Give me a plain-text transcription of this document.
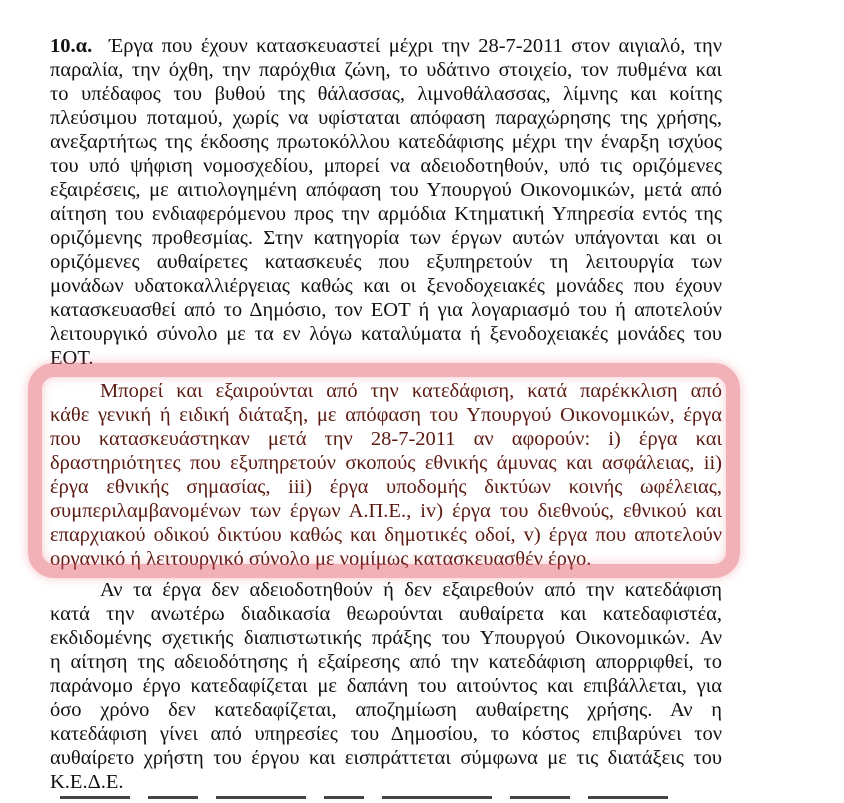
10.α. Έργα που έχουν κατασκευαστεί μέχρι την 28-7-2011 στον αιγιαλό, την
παραλία, την όχθη, την παρόχθια ζώνη, το υδάτινο στοιχείο, τον πυθμένα και
το υπέδαφος του βυθού της θάλασσας, λιμνοθάλασσας, λίμνης και κοίτης
πλεύσιμου ποταμού, χωρίς να υφίσταται απόφαση παραχώρησης της χρήσης,
ανεξαρτήτως της έκδοσης πρωτοκόλλου κατεδάφισης μέχρι την έναρξη ισχύος
του υπό ψήφιση νομοσχεδίου, μπορεί να αδειοδοτηθούν, υπό τις οριζόμενες
εξαιρέσεις, με αιτιολογημένη απόφαση του Υπουργού Οικονομικών, μετά από
αίτηση του ενδιαφερόμενου προς την αρμόδια Κτηματική Υπηρεσία εντός της
οριζόμενης προθεσμίας. Στην κατηγορία των έργων αυτών υπάγονται και οι
οριζόμενες αυθαίρετες κατασκευές που εξυπηρετούν τη λειτουργία των
μονάδων υδατοκαλλιέργειας καθώς και οι ξενοδοχειακές μονάδες που έχουν
κατασκευασθεί από το Δημόσιο, τον ΕΟΤ ή για λογαριασμό του ή αποτελούν
λειτουργικό σύνολο με τα εν λόγω καταλύματα ή ξενοδοχειακές μονάδες του
ΕΟΤ.
Μπορεί και εξαιρούνται από την κατεδάφιση, κατά παρέκκλιση από
κάθε γενική ή ειδική διάταξη, με απόφαση του Υπουργού Οικονομικών, έργα
που κατασκευάστηκαν μετά την 28-7-2011 αν αφορούν: i) έργα και
δραστηριότητες που εξυπηρετούν σκοπούς εθνικής άμυνας και ασφάλειας, ii)
έργα εθνικής σημασίας, iii) έργα υποδομής δικτύων κοινής ωφέλειας,
συμπεριλαμβανομένων των έργων Α.Π.Ε., iv) έργα του διεθνούς, εθνικού και
επαρχιακού οδικού δικτύου καθώς και δημοτικές οδοί, v) έργα που αποτελούν
οργανικό ή λειτουργικό σύνολο με νομίμως κατασκευασθέν έργο.
Αν τα έργα δεν αδειοδοτηθούν ή δεν εξαιρεθούν από την κατεδάφιση
κατά την ανωτέρω διαδικασία θεωρούνται αυθαίρετα και κατεδαφιστέα,
εκδιδομένης σχετικής διαπιστωτικής πράξης του Υπουργού Οικονομικών. Αν
η αίτηση της αδειοδότησης ή εξαίρεσης από την κατεδάφιση απορριφθεί, το
παράνομο έργο κατεδαφίζεται με δαπάνη του αιτούντος και επιβάλλεται, για
όσο χρόνο δεν κατεδαφίζεται, αποζημίωση αυθαίρετης χρήσης. Αν η
κατεδάφιση γίνει από υπηρεσίες του Δημοσίου, το κόστος επιβαρύνει τον
αυθαίρετο χρήστη του έργου και εισπράττεται σύμφωνα με τις διατάξεις του
Κ.Ε.Δ.Ε.
